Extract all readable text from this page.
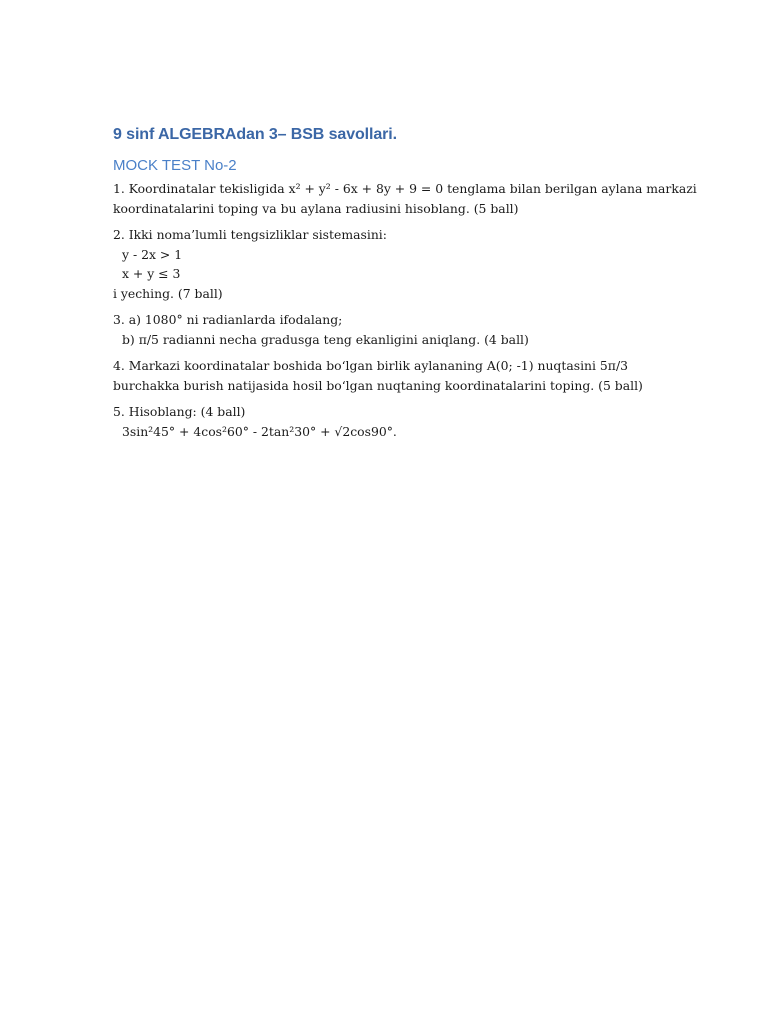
9 sinf ALGEBRAdan 3– BSB savollari.
MOCK TEST No-2
1. Koordinatalar tekisligida x² + y² - 6x + 8y + 9 = 0 tenglama bilan berilgan aylana markazi
koordinatalarini toping va bu aylana radiusini hisoblang. (5 ball)
2. Ikki noma’lumli tengsizliklar sistemasini:
y - 2x > 1
x + y ≤ 3
i yeching. (7 ball)
3. a) 1080° ni radianlarda ifodalang;
b) π/5 radianni necha gradusga teng ekanligini aniqlang. (4 ball)
4. Markazi koordinatalar boshida bo‘lgan birlik aylananing A(0; -1) nuqtasini 5π/3
burchakka burish natijasida hosil bo‘lgan nuqtaning koordinatalarini toping. (5 ball)
5. Hisoblang: (4 ball)
3sin²45° + 4cos²60° - 2tan²30° + √2cos90°.
